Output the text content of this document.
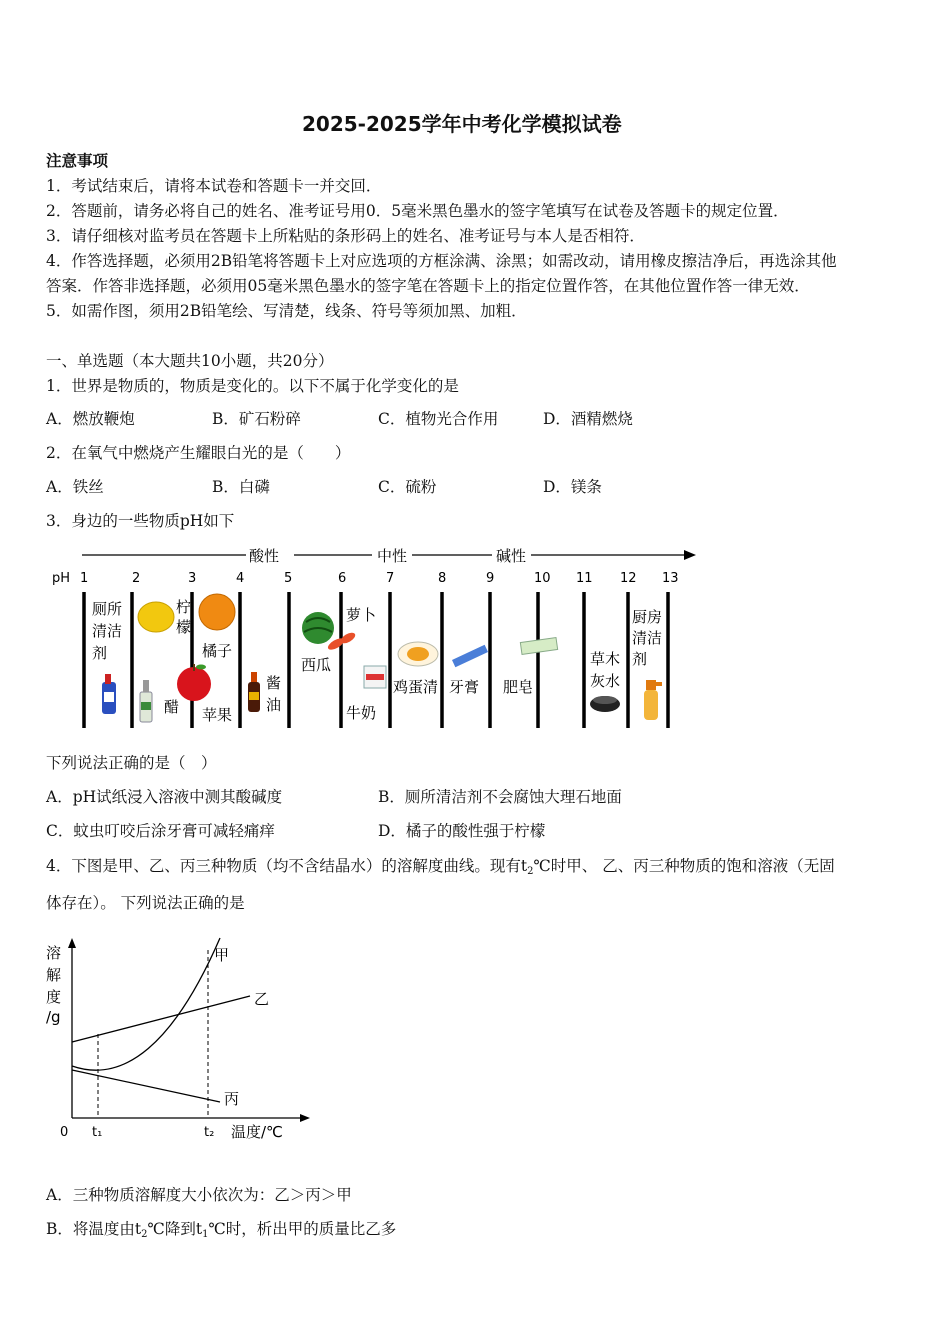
2025-2025学年中考化学模拟试卷
注意事项
1．考试结束后，请将本试卷和答题卡一并交回．
2．答题前，请务必将自己的姓名、准考证号用0．5毫米黑色墨水的签字笔填写在试卷及答题卡的规定位置．
3．请仔细核对监考员在答题卡上所粘贴的条形码上的姓名、准考证号与本人是否相符．
4．作答选择题，必须用2B铅笔将答题卡上对应选项的方框涂满、涂黑；如需改动，请用橡皮擦洁净后，再选涂其他
答案．作答非选择题，必须用05毫米黑色墨水的签字笔在答题卡上的指定位置作答，在其他位置作答一律无效．
5．如需作图，须用2B铅笔绘、写清楚，线条、符号等须加黑、加粗．
一、单选题（本大题共10小题，共20分）
1．世界是物质的，物质是变化的。以下不属于化学变化的是
A．燃放鞭炮	B．矿石粉碎	C．植物光合作用	D．酒精燃烧
2．在氧气中燃烧产生耀眼白光的是（　　）
A．铁丝	B．白磷	C．硫粉	D．镁条
3．身边的一些物质pH如下
酸性	中性	碱性
pH 1	2	3	4	5	6	7	8	9	10 11 12 13
厕所
清洁
剂
柠
檬
橘子
醋 苹果
酱
油
西瓜
萝卜
牛奶
鸡蛋清 牙膏 肥皂
草木
灰水
厨房
清洁
剂
下列说法正确的是（　）
A．pH试纸浸入溶液中测其酸碱度	B．厕所清洁剂不会腐蚀大理石地面
C．蚊虫叮咬后涂牙膏可减轻痛痒	D．橘子的酸性强于柠檬
4．下图是甲、乙、丙三种物质（均不含结晶水）的溶解度曲线。现有$t_2℃$时甲、 乙、丙三种物质的饱和溶液（无固
体存在）。 下列说法正确的是
溶
解
度
/g
0 t₁	t₂ 温度/℃
甲
乙
丙
A．三种物质溶解度大小依次为：乙＞丙＞甲
B．将温度由$t_2℃$降到$t_1℃$时，析出甲的质量比乙多
